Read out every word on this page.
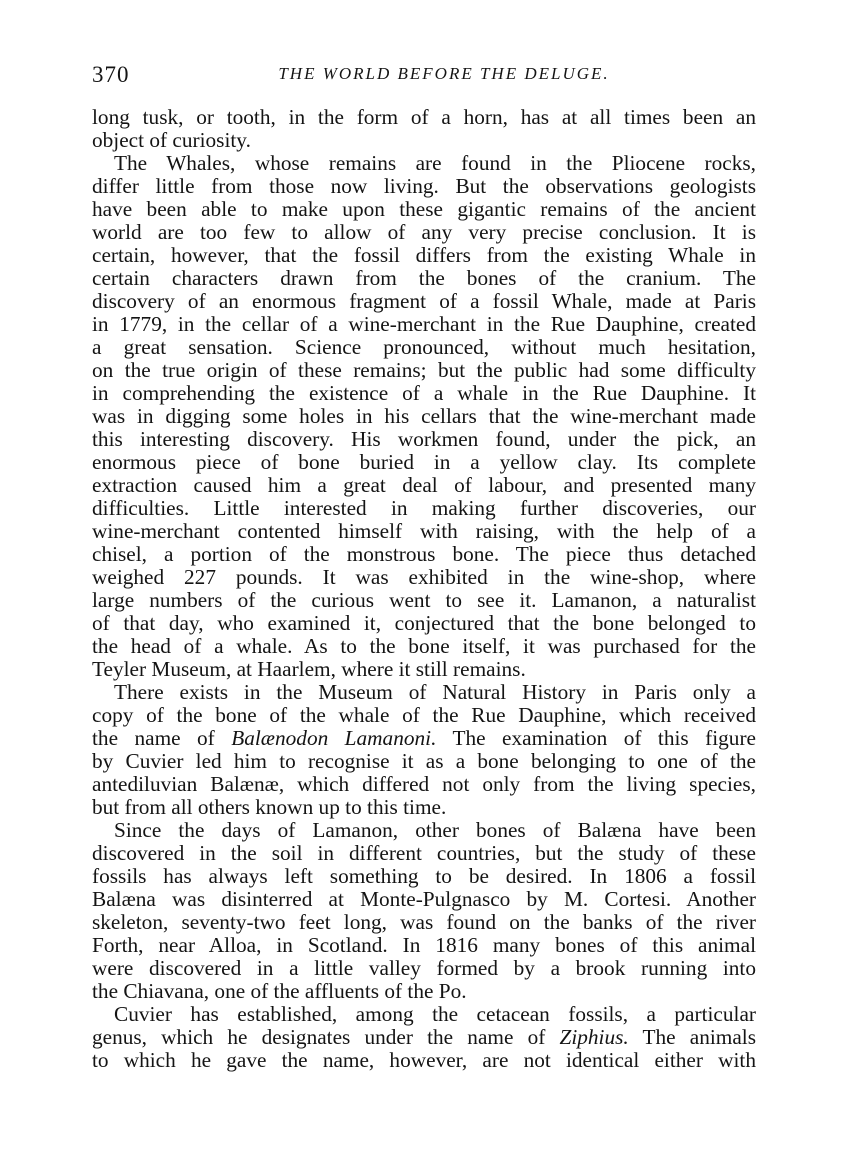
370	THE WORLD BEFORE THE DELUGE.
long tusk, or tooth, in the form of a horn, has at all times been an
object of curiosity.
The Whales, whose remains are found in the Pliocene rocks,
differ little from those now living. But the observations geologists
have been able to make upon these gigantic remains of the ancient
world are too few to allow of any very precise conclusion. It is
certain, however, that the fossil differs from the existing Whale in
certain characters drawn from the bones of the cranium. The
discovery of an enormous fragment of a fossil Whale, made at Paris
in 1779, in the cellar of a wine-merchant in the Rue Dauphine, created
a great sensation. Science pronounced, without much hesitation,
on the true origin of these remains; but the public had some difficulty
in comprehending the existence of a whale in the Rue Dauphine. It
was in digging some holes in his cellars that the wine-merchant made
this interesting discovery. His workmen found, under the pick, an
enormous piece of bone buried in a yellow clay. Its complete
extraction caused him a great deal of labour, and presented many
difficulties. Little interested in making further discoveries, our
wine-merchant contented himself with raising, with the help of a
chisel, a portion of the monstrous bone. The piece thus detached
weighed 227 pounds. It was exhibited in the wine-shop, where
large numbers of the curious went to see it. Lamanon, a naturalist
of that day, who examined it, conjectured that the bone belonged to
the head of a whale. As to the bone itself, it was purchased for the
Teyler Museum, at Haarlem, where it still remains.
There exists in the Museum of Natural History in Paris only a
copy of the bone of the whale of the Rue Dauphine, which received
the name of Balænodon Lamanoni. The examination of this figure
by Cuvier led him to recognise it as a bone belonging to one of the
antediluvian Balænæ, which differed not only from the living species,
but from all others known up to this time.
Since the days of Lamanon, other bones of Balæna have been
discovered in the soil in different countries, but the study of these
fossils has always left something to be desired. In 1806 a fossil
Balæna was disinterred at Monte-Pulgnasco by M. Cortesi. Another
skeleton, seventy-two feet long, was found on the banks of the river
Forth, near Alloa, in Scotland. In 1816 many bones of this animal
were discovered in a little valley formed by a brook running into
the Chiavana, one of the affluents of the Po.
Cuvier has established, among the cetacean fossils, a particular
genus, which he designates under the name of Ziphius. The animals
to which he gave the name, however, are not identical either with
